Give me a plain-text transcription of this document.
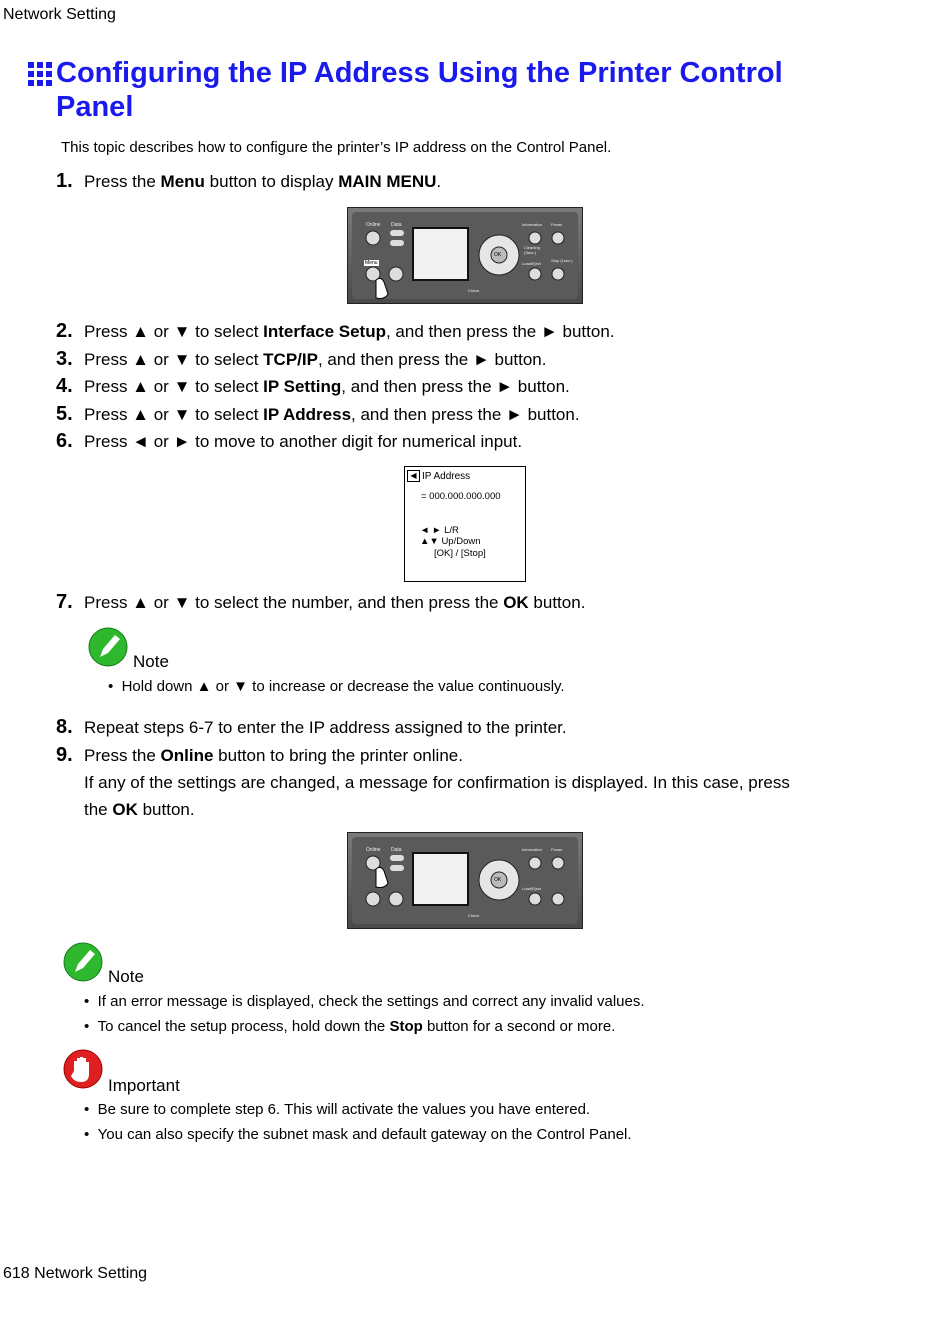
Network Setting
Configuring the IP Address Using the Printer Control Panel
This topic describes how to configure the printer’s IP address on the Control Panel.
1. Press the Menu button to display MAIN MENU.
Online Data
Menu
Information Power
Cleaning (3sec.)
Load/Eject
Stop (1sec.)
OK
Check
2. Press ▲ or ▼ to select Interface Setup, and then press the ► button.
3. Press ▲ or ▼ to select TCP/IP, and then press the ► button.
4. Press ▲ or ▼ to select IP Setting, and then press the ► button.
5. Press ▲ or ▼ to select IP Address, and then press the ► button.
6. Press ◄ or ► to move to another digit for numerical input.
◀ IP Address
= 000.000.000.000
◄ ► L/R
▲▼ Up/Down
[OK] / [Stop]
7. Press ▲ or ▼ to select the number, and then press the OK button.
Note
•  Hold down ▲ or ▼ to increase or decrease the value continuously.
8. Repeat steps 6-7 to enter the IP address assigned to the printer.
9. Press the Online button to bring the printer online.
If any of the settings are changed, a message for confirmation is displayed. In this case, press
the OK button.
Online Data	Information Power
Load/Eject
OK
Check
Note
•  If an error message is displayed, check the settings and correct any invalid values.
•  To cancel the setup process, hold down the Stop button for a second or more.
Important
•  Be sure to complete step 6. This will activate the values you have entered.
•  You can also specify the subnet mask and default gateway on the Control Panel.
618 Network Setting
